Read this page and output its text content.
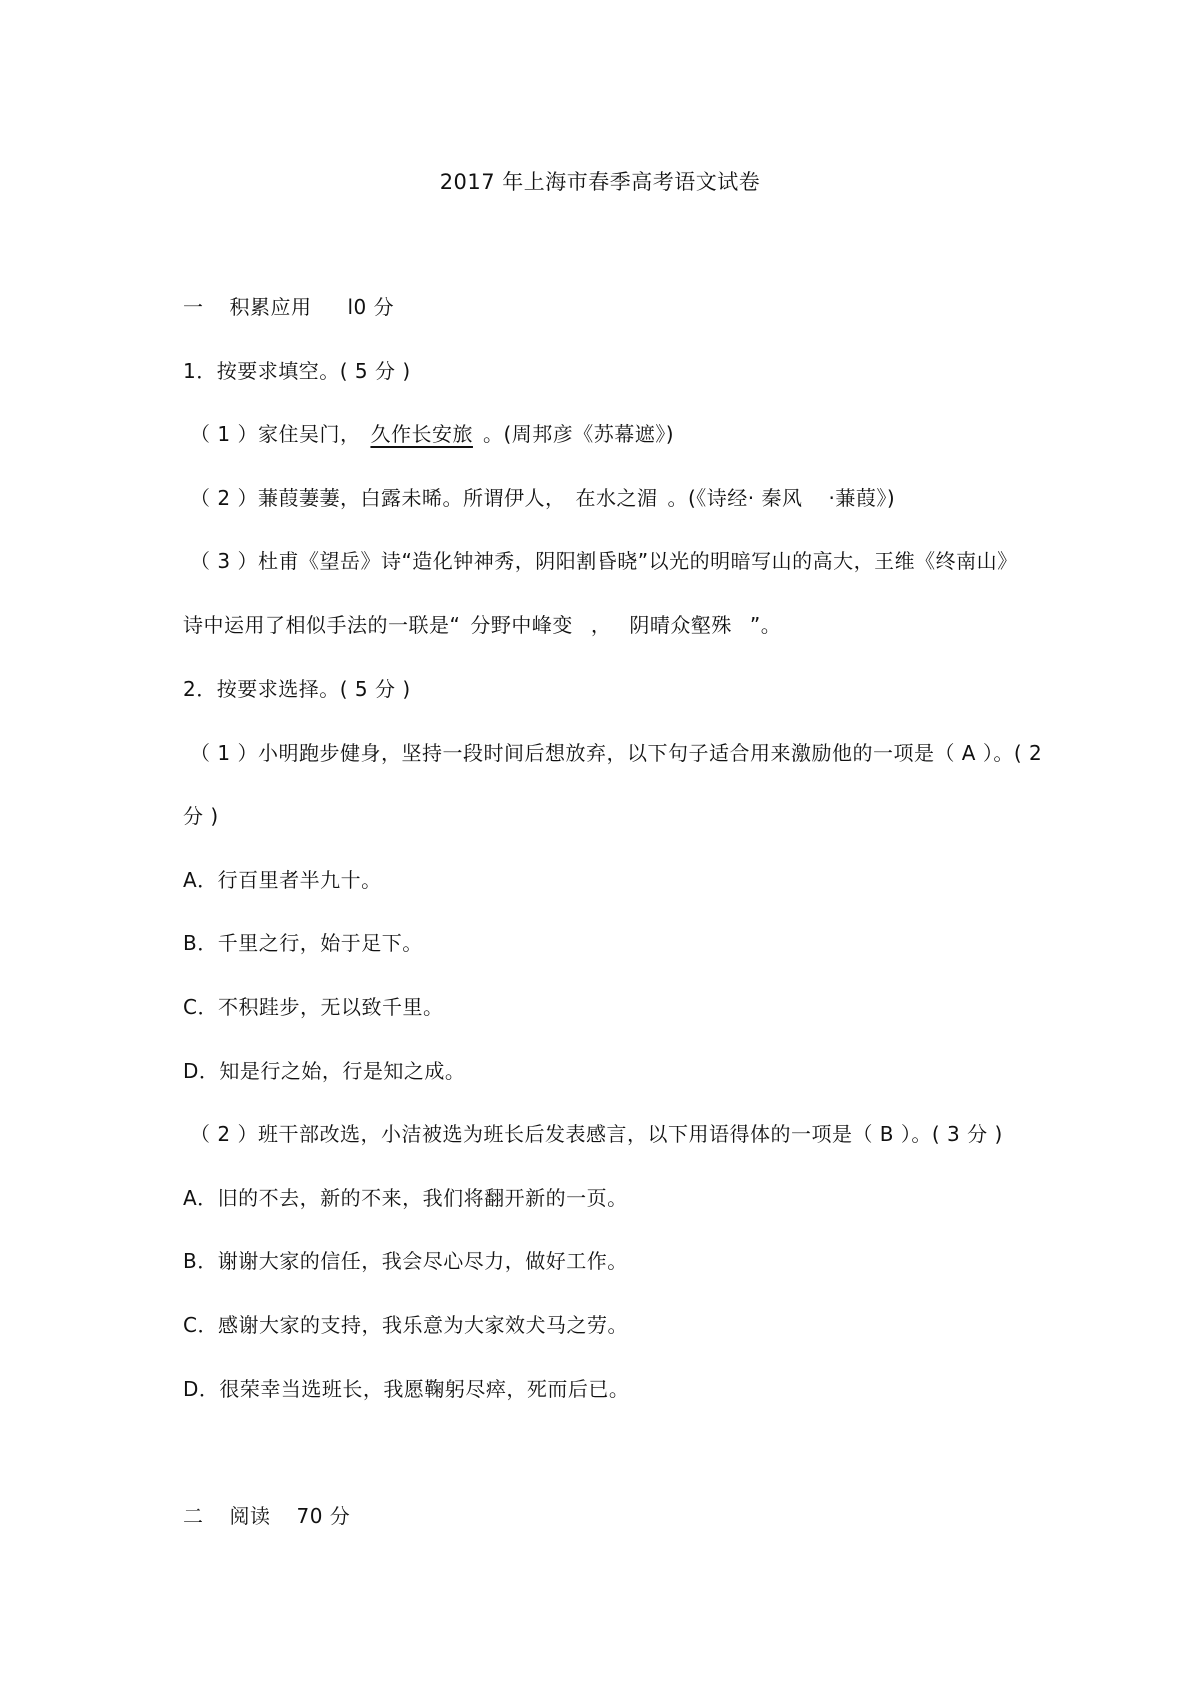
2017 年上海市春季高考语文试卷
一 积累应用 l0 分
1．按要求填空。( 5 分 )
（ 1 ）家住吴门， 久作长安旅 。(周邦彦《苏幕遮》)
（ 2 ）蒹葭萋萋，白露未晞。所谓伊人， 在水之湄 。(《诗经· 秦风 ·蒹葭》)
（ 3 ）杜甫《望岳》诗“造化钟神秀，阴阳割昏晓”以光的明暗写山的高大，王维《终南山》
诗中运用了相似手法的一联是“ 分野中峰变 ， 阴晴众壑殊 ”。
2．按要求选择。( 5 分 )
（ 1 ）小明跑步健身，坚持一段时间后想放弃，以下句子适合用来激励他的一项是（ A ）。( 2
分 )
A．行百里者半九十。
B．千里之行，始于足下。
C．不积跬步，无以致千里。
D．知是行之始，行是知之成。
（ 2 ）班干部改选，小洁被选为班长后发表感言，以下用语得体的一项是（ B ）。( 3 分 )
A．旧的不去，新的不来，我们将翻开新的一页。
B．谢谢大家的信任，我会尽心尽力，做好工作。
C．感谢大家的支持，我乐意为大家效犬马之劳。
D．很荣幸当选班长，我愿鞠躬尽瘁，死而后已。
二 阅读 70 分
